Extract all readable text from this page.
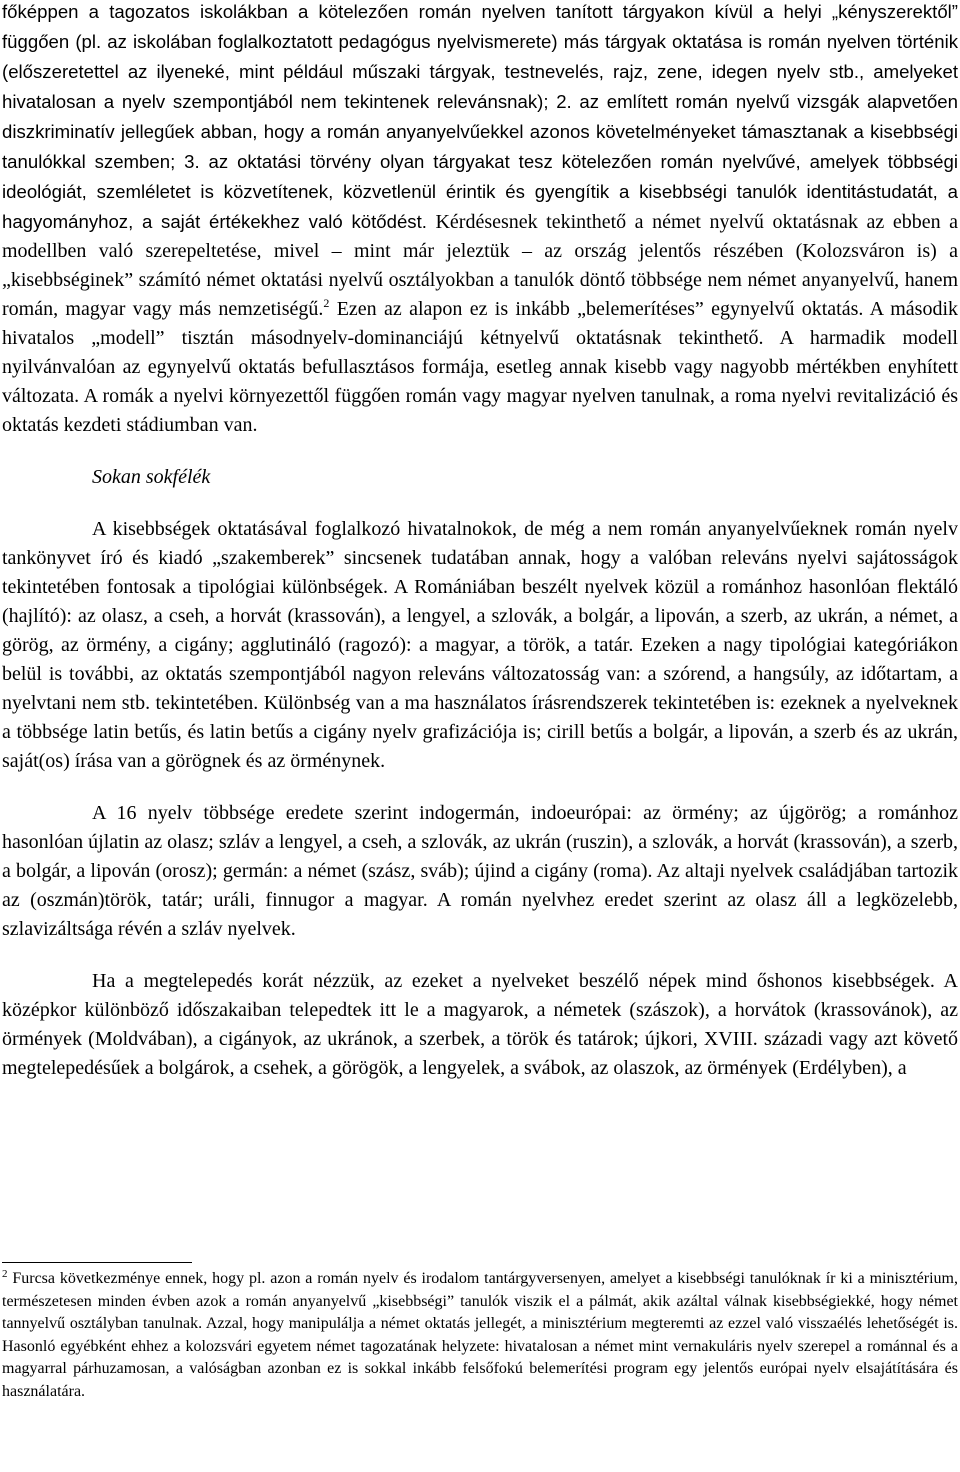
főképpen a tagozatos iskolákban a kötelezően román nyelven tanított tárgyakon kívül a helyi „kényszerektől” függően (pl. az iskolában foglalkoztatott pedagógus nyelvismerete) más tárgyak oktatása is román nyelven történik (előszeretettel az ilyeneké, mint például műszaki tárgyak, testnevelés, rajz, zene, idegen nyelv stb., amelyeket hivatalosan a nyelv szempontjából nem tekintenek relevánsnak); 2. az említett román nyelvű vizsgák alapvetően diszkriminatív jellegűek abban, hogy a román anyanyelvűekkel azonos követelményeket támasztanak a kisebbségi tanulókkal szemben; 3. az oktatási törvény olyan tárgyakat tesz kötelezően román nyelvűvé, amelyek többségi ideológiát, szemléletet is közvetítenek, közvetlenül érintik és gyengítik a kisebbségi tanulók identitástudatát, a hagyományhoz, a saját értékekhez való kötődést. Kérdésesnek tekinthető a német nyelvű oktatásnak az ebben a modellben való szerepeltetése, mivel – mint már jeleztük – az ország jelentős részében (Kolozsváron is) a „kisebbséginek” számító német oktatási nyelvű osztályokban a tanulók döntő többsége nem német anyanyelvű, hanem román, magyar vagy más nemzetiségű.$^2$ Ezen az alapon ez is inkább „belemerítéses” egynyelvű oktatás. A második hivatalos „modell” tisztán másodnyelv-dominanciájú kétnyelvű oktatásnak tekinthető. A harmadik modell nyilvánvalóan az egynyelvű oktatás befullasztásos formája, esetleg annak kisebb vagy nagyobb mértékben enyhített változata. A romák a nyelvi környezettől függően román vagy magyar nyelven tanulnak, a roma nyelvi revitalizáció és oktatás kezdeti stádiumban van.

Sokan sokfélék

A kisebbségek oktatásával foglalkozó hivatalnokok, de még a nem román anyanyelvűeknek román nyelv tankönyvet író és kiadó „szakemberek” sincsenek tudatában annak, hogy a valóban releváns nyelvi sajátosságok tekintetében fontosak a tipológiai különbségek. A Romániában beszélt nyelvek közül a románhoz hasonlóan flektáló (hajlító): az olasz, a cseh, a horvát (krassován), a lengyel, a szlovák, a bolgár, a lipován, a szerb, az ukrán, a német, a görög, az örmény, a cigány; agglutináló (ragozó): a magyar, a török, a tatár. Ezeken a nagy tipológiai kategóriákon belül is további, az oktatás szempontjából nagyon releváns változatosság van: a szórend, a hangsúly, az időtartam, a nyelvtani nem stb. tekintetében. Különbség van a ma használatos írásrendszerek tekintetében is: ezeknek a nyelveknek a többsége latin betűs, és latin betűs a cigány nyelv grafizációja is; cirill betűs a bolgár, a lipován, a szerb és az ukrán, saját(os) írása van a görögnek és az örménynek.

A 16 nyelv többsége eredete szerint indogermán, indoeurópai: az örmény; az újgörög; a románhoz hasonlóan újlatin az olasz; szláv a lengyel, a cseh, a szlovák, az ukrán (ruszin), a szlovák, a horvát (krassován), a szerb, a bolgár, a lipován (orosz); germán: a német (szász, sváb); újind a cigány (roma). Az altaji nyelvek családjában tartozik az (oszmán)török, tatár; uráli, finnugor a magyar. A román nyelvhez eredet szerint az olasz áll a legközelebb, szlavizáltsága révén a szláv nyelvek.

Ha a megtelepedés korát nézzük, az ezeket a nyelveket beszélő népek mind őshonos kisebbségek. A középkor különböző időszakaiban telepedtek itt le a magyarok, a németek (szászok), a horvátok (krassovánok), az örmények (Moldvában), a cigányok, az ukránok, a szerbek, a török és tatárok; újkori, XVIII. századi vagy azt követő megtelepedésűek a bolgárok, a csehek, a görögök, a lengyelek, a svábok, az olaszok, az örmények (Erdélyben), a

$^2$ Furcsa következménye ennek, hogy pl. azon a román nyelv és irodalom tantárgyversenyen, amelyet a kisebbségi tanulóknak ír ki a minisztérium, természetesen minden évben azok a román anyanyelvű „kisebbségi” tanulók viszik el a pálmát, akik azáltal válnak kisebbségiekké, hogy német tannyelvű osztályban tanulnak. Azzal, hogy manipulálja a német oktatás jellegét, a minisztérium megteremti az ezzel való visszaélés lehetőségét is. Hasonló egyébként ehhez a kolozsvári egyetem német tagozatának helyzete: hivatalosan a német mint vernakuláris nyelv szerepel a románnal és a magyarral párhuzamosan, a valóságban azonban ez is sokkal inkább felsőfokú belemerítési program egy jelentős európai nyelv elsajátítására és használatára.
